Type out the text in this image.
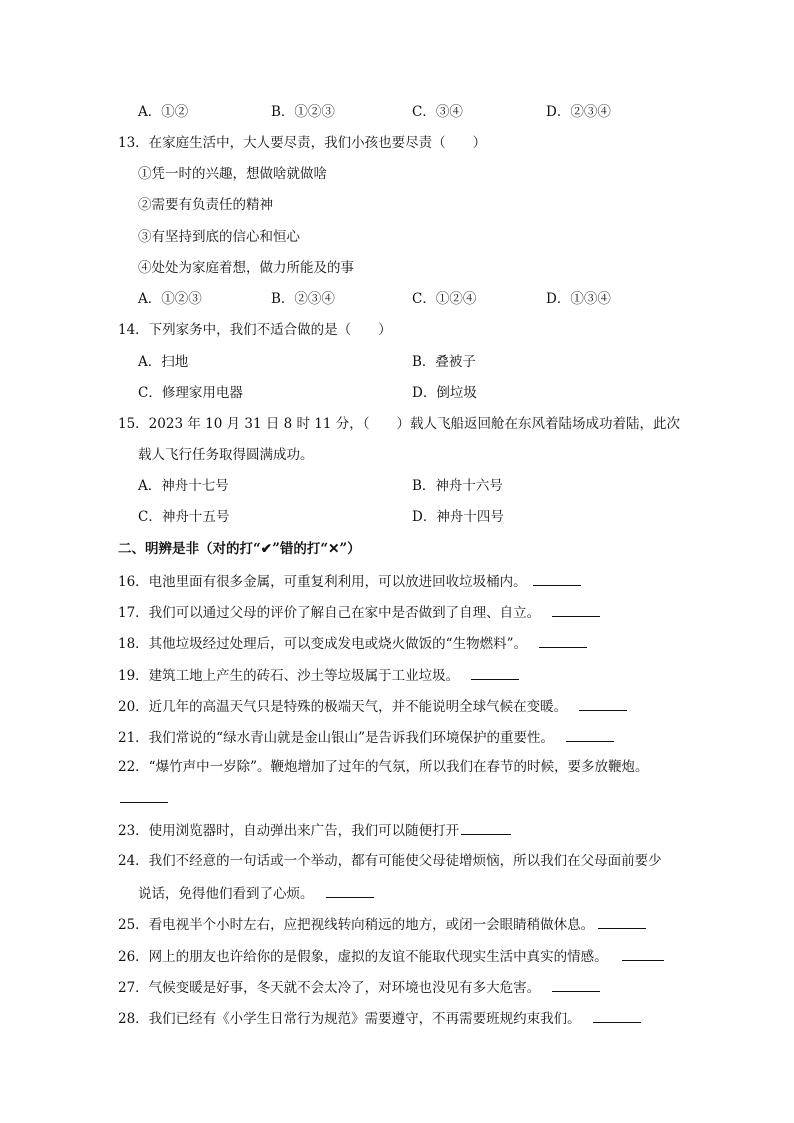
A．①②	B．①②③	C．③④	D．②③④
13．在家庭生活中，大人要尽责，我们小孩也要尽责（　　）
①凭一时的兴趣，想做啥就做啥
②需要有负责任的精神
③有坚持到底的信心和恒心
④处处为家庭着想，做力所能及的事
A．①②③	B．②③④	C．①②④	D．①③④
14．下列家务中，我们不适合做的是（　　）
A．扫地	B．叠被子
C．修理家用电器	D．倒垃圾
15．2023 年 10 月 31 日 8 时 11 分，（　　）载人飞船返回舱在东风着陆场成功着陆，此次
载人飞行任务取得圆满成功。
A．神舟十七号	B．神舟十六号
C．神舟十五号	D．神舟十四号
二、明辨是非（对的打“✔”错的打“✕”）
16．电池里面有很多金属，可重复利利用，可以放进回收垃圾桶内。
17．我们可以通过父母的评价了解自己在家中是否做到了自理、自立。
18．其他垃圾经过处理后，可以变成发电或烧火做饭的“生物燃料”。
19．建筑工地上产生的砖石、沙土等垃圾属于工业垃圾。
20．近几年的高温天气只是特殊的极端天气，并不能说明全球气候在变暖。
21．我们常说的“绿水青山就是金山银山”是告诉我们环境保护的重要性。
22．“爆竹声中一岁除”。鞭炮增加了过年的气氛，所以我们在春节的时候，要多放鞭炮。
23．使用浏览器时，自动弹出来广告，我们可以随便打开
24．我们不经意的一句话或一个举动，都有可能使父母徒增烦恼，所以我们在父母面前要少
说话，免得他们看到了心烦。
25．看电视半个小时左右，应把视线转向稍远的地方，或闭一会眼睛稍做休息。
26．网上的朋友也许给你的是假象，虚拟的友谊不能取代现实生活中真实的情感。
27．气候变暖是好事，冬天就不会太冷了，对环境也没见有多大危害。
28．我们已经有《小学生日常行为规范》需要遵守，不再需要班规约束我们。
